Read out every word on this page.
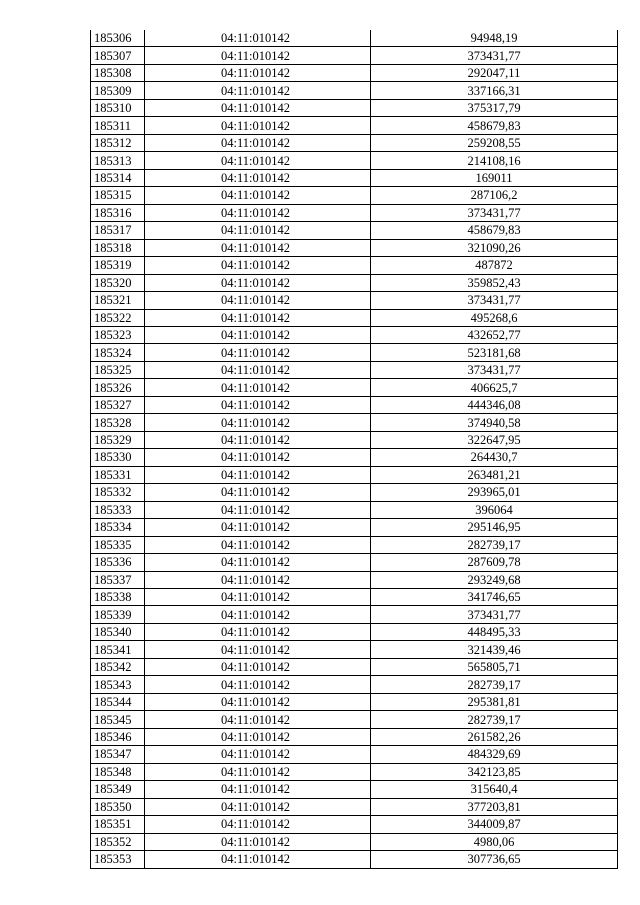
185306	04:11:010142	94948,19
185307	04:11:010142	373431,77
185308	04:11:010142	292047,11
185309	04:11:010142	337166,31
185310	04:11:010142	375317,79
185311	04:11:010142	458679,83
185312	04:11:010142	259208,55
185313	04:11:010142	214108,16
185314	04:11:010142	169011
185315	04:11:010142	287106,2
185316	04:11:010142	373431,77
185317	04:11:010142	458679,83
185318	04:11:010142	321090,26
185319	04:11:010142	487872
185320	04:11:010142	359852,43
185321	04:11:010142	373431,77
185322	04:11:010142	495268,6
185323	04:11:010142	432652,77
185324	04:11:010142	523181,68
185325	04:11:010142	373431,77
185326	04:11:010142	406625,7
185327	04:11:010142	444346,08
185328	04:11:010142	374940,58
185329	04:11:010142	322647,95
185330	04:11:010142	264430,7
185331	04:11:010142	263481,21
185332	04:11:010142	293965,01
185333	04:11:010142	396064
185334	04:11:010142	295146,95
185335	04:11:010142	282739,17
185336	04:11:010142	287609,78
185337	04:11:010142	293249,68
185338	04:11:010142	341746,65
185339	04:11:010142	373431,77
185340	04:11:010142	448495,33
185341	04:11:010142	321439,46
185342	04:11:010142	565805,71
185343	04:11:010142	282739,17
185344	04:11:010142	295381,81
185345	04:11:010142	282739,17
185346	04:11:010142	261582,26
185347	04:11:010142	484329,69
185348	04:11:010142	342123,85
185349	04:11:010142	315640,4
185350	04:11:010142	377203,81
185351	04:11:010142	344009,87
185352	04:11:010142	4980,06
185353	04:11:010142	307736,65
